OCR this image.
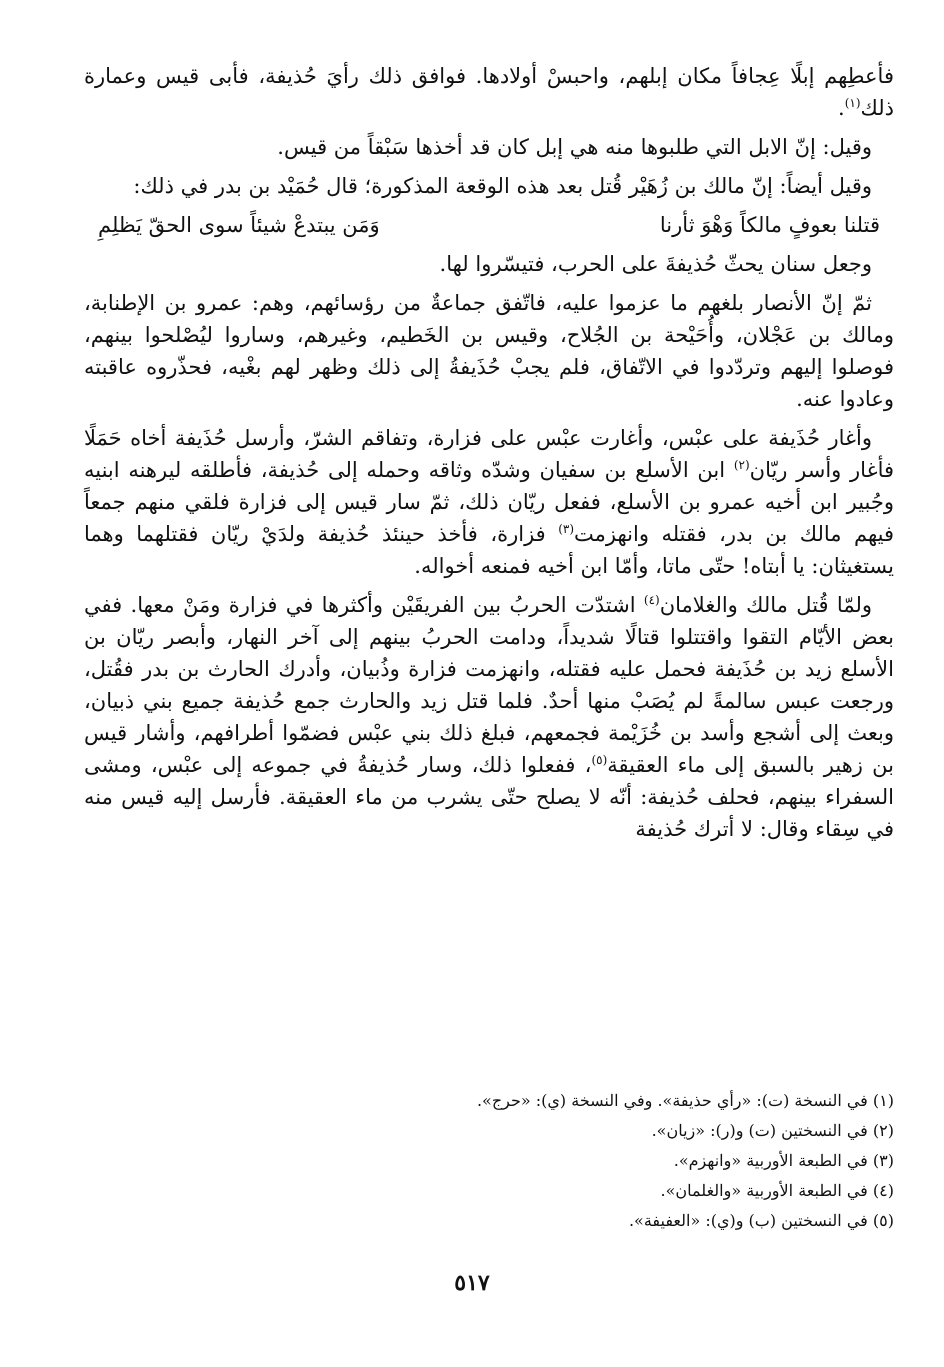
فأعطِهم إبلًا عِجافاً مكان إبلهم، واحبسْ أولادها. فوافق ذلك رأيَ حُذيفة، فأبى قيس وعمارة ذلك$^{(١)}$.

وقيل: إنّ الابل التي طلبوها منه هي إبل كان قد أخذها سَبْقاً من قيس.

وقيل أيضاً: إنّ مالك بن زُهَيْر قُتل بعد هذه الوقعة المذكورة؛ قال حُمَيْد بن بدر في ذلك:

قتلنا بعوفٍ مالكاً وَهْوَ ثأرنا
وَمَن يبتدعْ شيئاً سوى الحقّ يَظلِمِ

وجعل سنان يحثّ حُذيفةَ على الحرب، فتيسّروا لها.

ثمّ إنّ الأنصار بلغهم ما عزموا عليه، فاتّفق جماعةٌ من رؤسائهم، وهم: عمرو بن الإطنابة، ومالك بن عَجْلان، وأُحَيْحة بن الجُلاح، وقيس بن الخَطيم، وغيرهم، وساروا ليُصْلحوا بينهم، فوصلوا إليهم وتردّدوا في الاتّفاق، فلم يجبْ حُذَيفةُ إلى ذلك وظهر لهم بغْيه، فحذّروه عاقبته وعادوا عنه.

وأغار حُذَيفة على عبْس، وأغارت عبْس على فزارة، وتفاقم الشرّ، وأرسل حُذَيفة أخاه حَمَلًا فأغار وأسر ريّان$^{(٢)}$ ابن الأسلع بن سفيان وشدّه وثاقه وحمله إلى حُذيفة، فأطلقه ليرهنه ابنيه وجُبير ابن أخيه عمرو بن الأسلع، ففعل ريّان ذلك، ثمّ سار قيس إلى فزارة فلقي منهم جمعاً فيهم مالك بن بدر، فقتله وانهزمت$^{(٣)}$ فزارة، فأخذ حينئذ حُذيفة ولدَيْ ريّان فقتلهما وهما يستغيثان: يا أبتاه! حتّى ماتا، وأمّا ابن أخيه فمنعه أخواله.

ولمّا قُتل مالك والغلامان$^{(٤)}$ اشتدّت الحربُ بين الفريقَيْن وأكثرها في فزارة ومَنْ معها. ففي بعض الأيّام التقوا واقتتلوا قتالًا شديداً، ودامت الحربُ بينهم إلى آخر النهار، وأبصر ريّان بن الأسلع زيد بن حُذَيفة فحمل عليه فقتله، وانهزمت فزارة وذُبيان، وأدرك الحارث بن بدر فقُتل، ورجعت عبس سالمةً لم يُصَبْ منها أحدٌ. فلما قتل زيد والحارث جمع حُذيفة جميع بني ذبيان، وبعث إلى أشجع وأسد بن خُزَيْمة فجمعهم، فبلغ ذلك بني عبْس فضمّوا أطرافهم، وأشار قيس بن زهير بالسبق إلى ماء العقيقة$^{(٥)}$، ففعلوا ذلك، وسار حُذيفةُ في جموعه إلى عبْس، ومشى السفراء بينهم، فحلف حُذيفة: أنّه لا يصلح حتّى يشرب من ماء العقيقة. فأرسل إليه قيس منه في سِقاء وقال: لا أترك حُذيفة

(١) في النسخة (ت): «رأي حذيفة». وفي النسخة (ي): «حرج».
(٢) في النسختين (ت) و(ر): «زيان».
(٣) في الطبعة الأوربية «وانهزم».
(٤) في الطبعة الأوربية «والغلمان».
(٥) في النسختين (ب) و(ي): «العفيفة».
٥١٧
